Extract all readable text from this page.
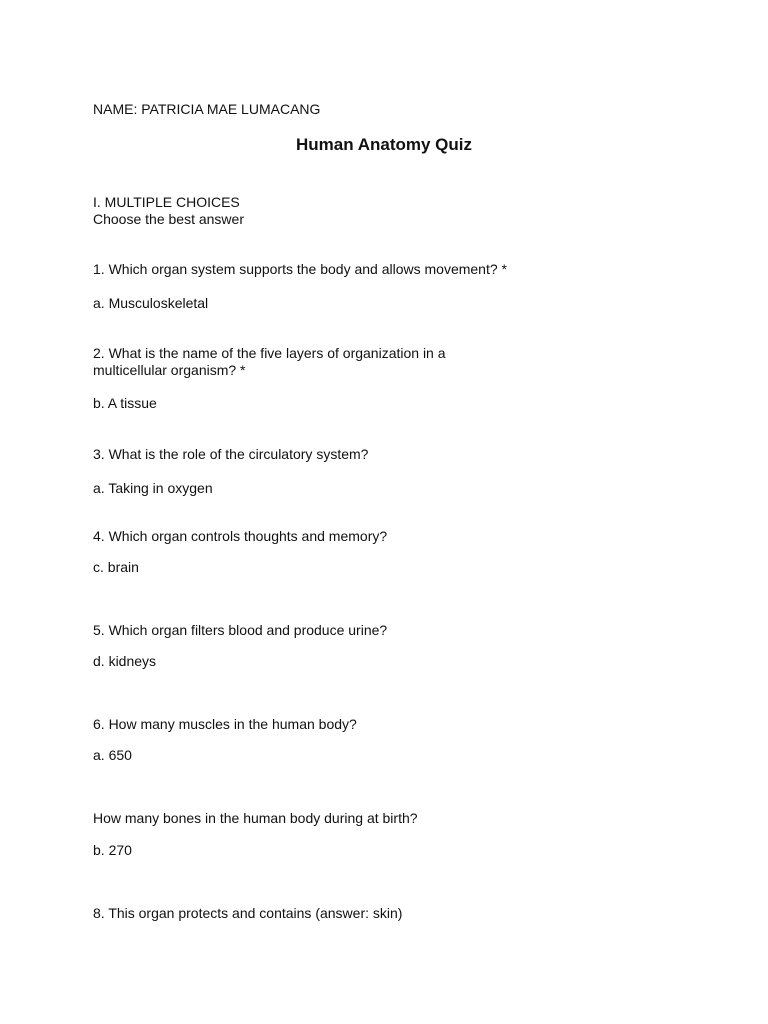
NAME: PATRICIA MAE LUMACANG

Human Anatomy Quiz

I. MULTIPLE CHOICES

Choose the best answer

1. Which organ system supports the body and allows movement? *

a. Musculoskeletal

2. What is the name of the five layers of organization in a

multicellular organism? *

b. A tissue

3. What is the role of the circulatory system?

a. Taking in oxygen

4. Which organ controls thoughts and memory?

c. brain

5. Which organ filters blood and produce urine?

d. kidneys

6. How many muscles in the human body?

a. 650

How many bones in the human body during at birth?

b. 270

8. This organ protects and contains (answer: skin)
